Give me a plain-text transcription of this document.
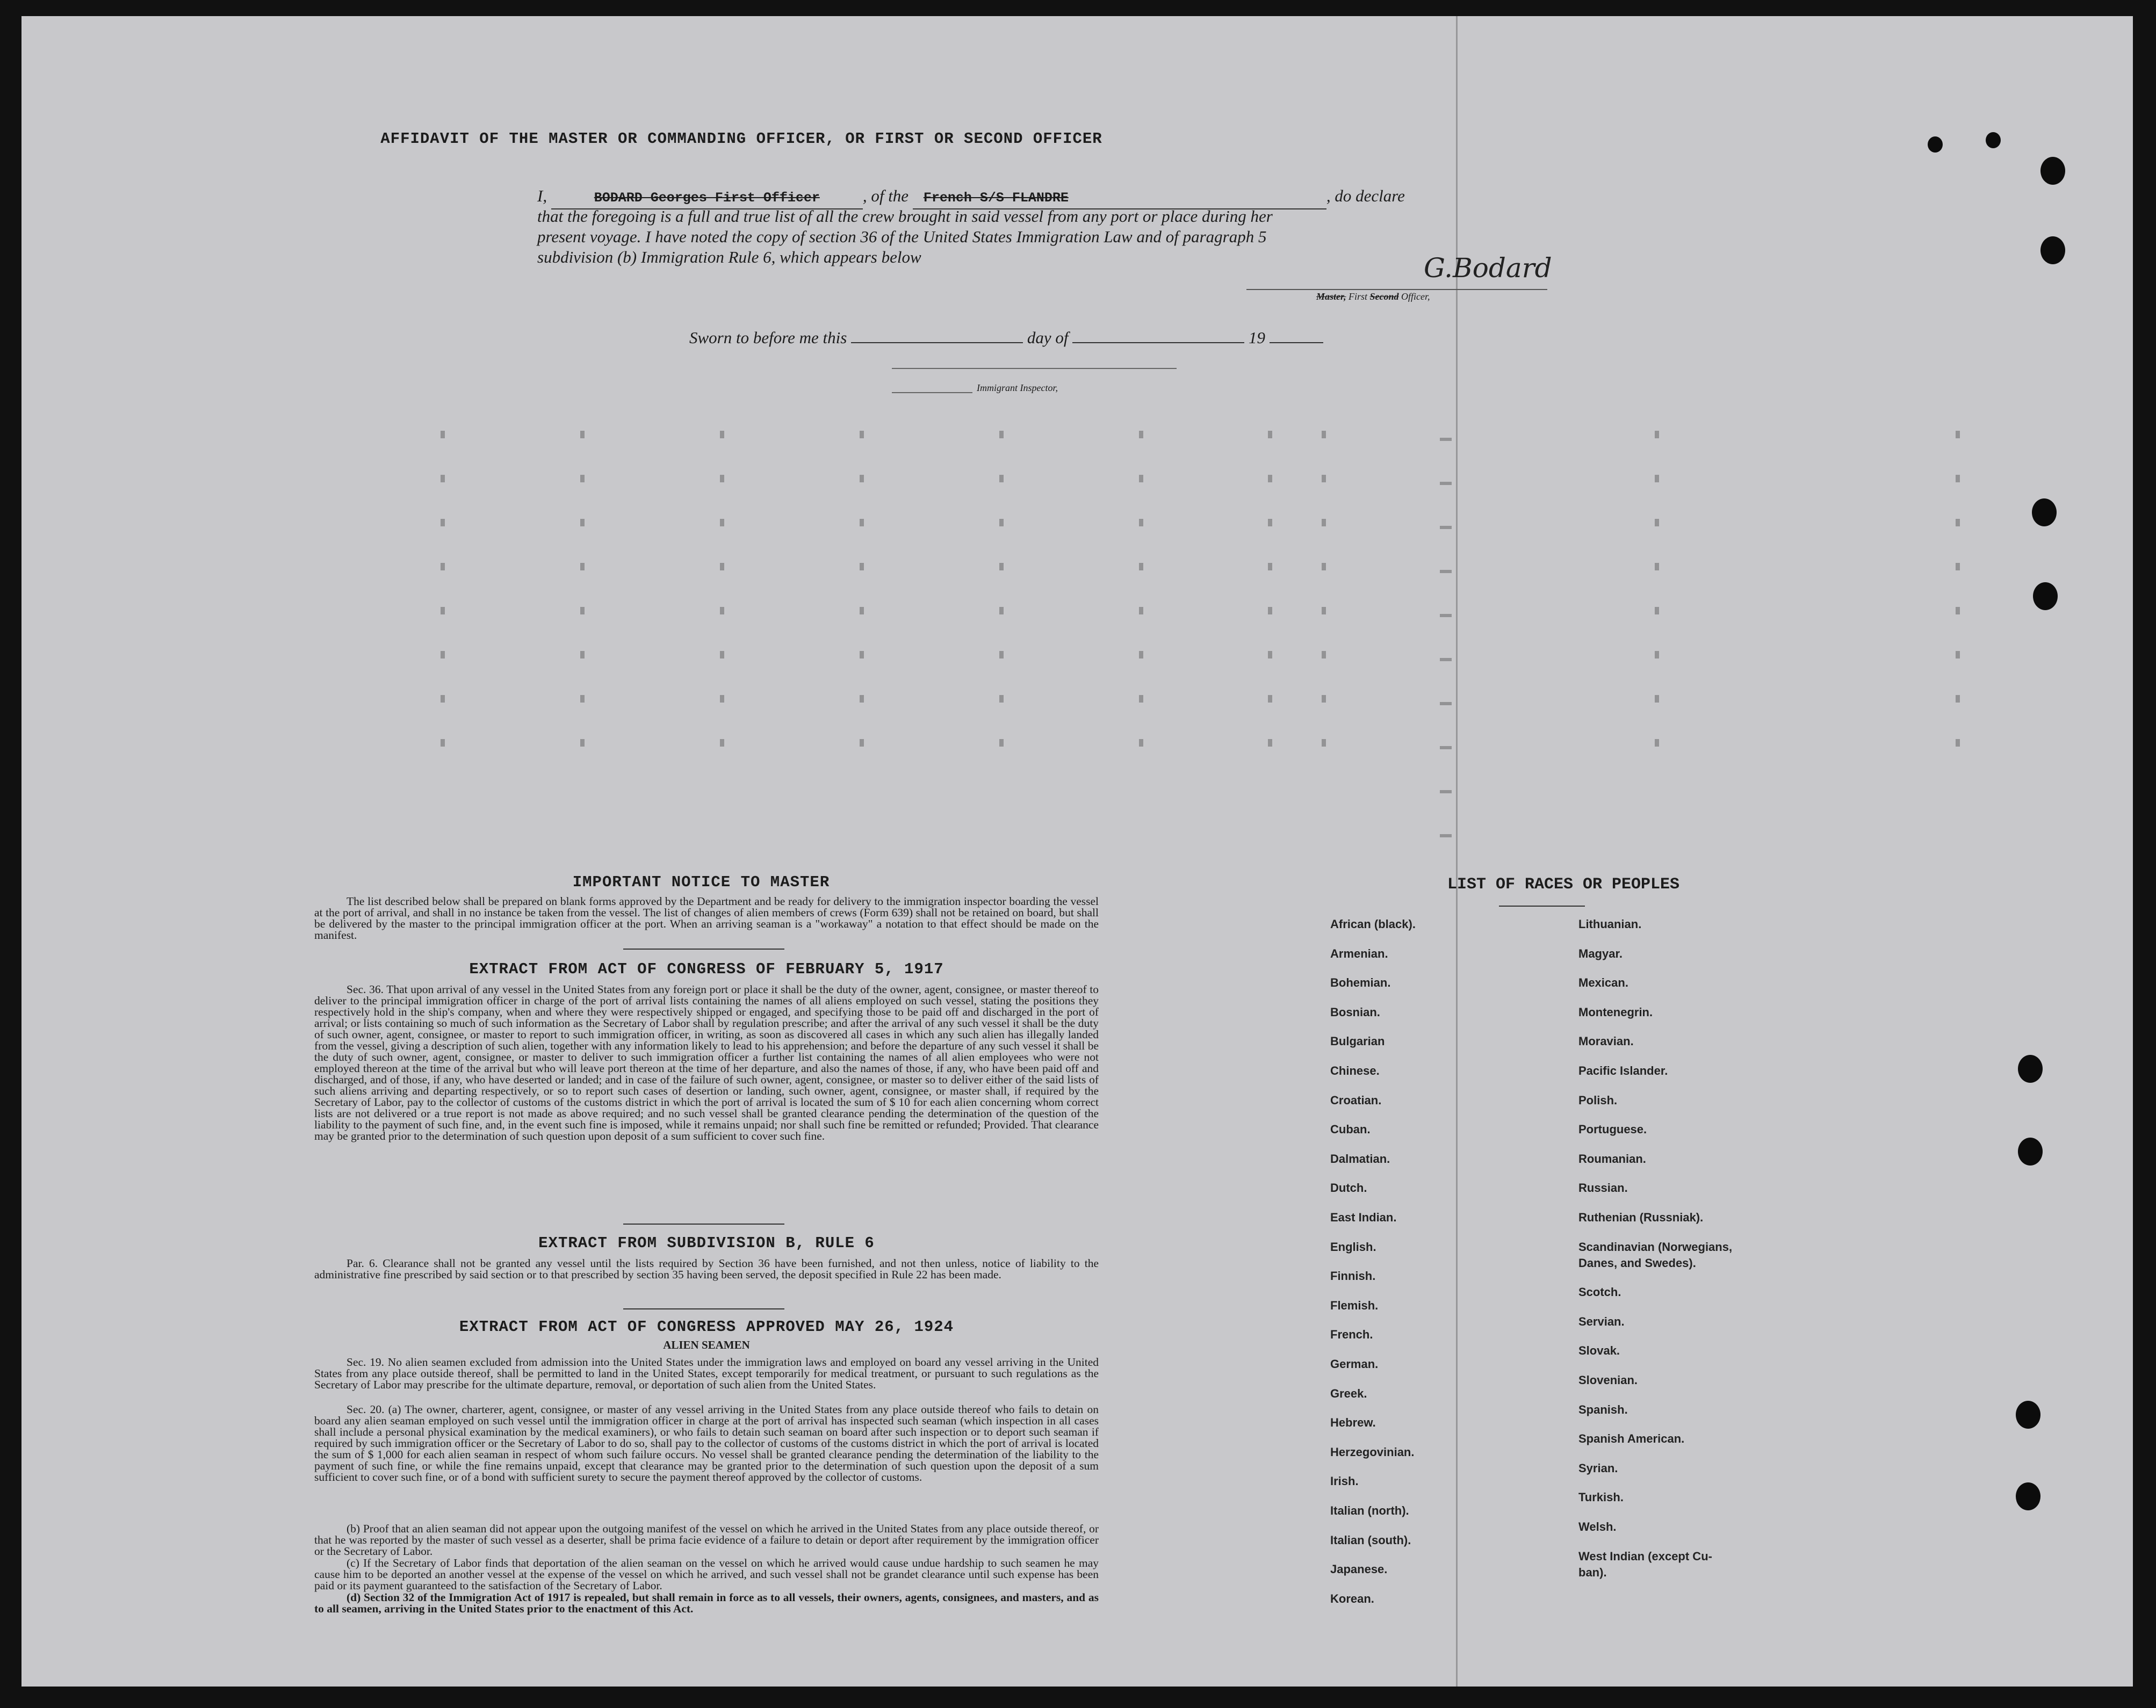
AFFIDAVIT OF THE MASTER OR COMMANDING OFFICER, OR FIRST OR SECOND OFFICER
I,	BODARD Georges First Officer	, of the French S/S FLANDRE	, do declare
that the foregoing is a full and true list of all the crew brought in said vessel from any port or place during her
present voyage. I have noted the copy of section 36 of the United States Immigration Law and of paragraph 5
subdivision (b) Immigration Rule 6, which appears below	G.Bodard
Master, First Second Officer,
Sworn to before me this	day of	19
Immigrant Inspector,
IMPORTANT NOTICE TO MASTER
The list described below shall be prepared on blank forms approved by the Department and be ready for delivery to the immigration inspector boarding the vessel at the port of arrival, and shall in no instance be taken from the vessel. The list of changes of alien members of crews (Form 639) shall not be retained on board, but shall be delivered by the master to the principal immigration officer at the port. When an arriving seaman is a "workaway" a notation to that effect should be made on the manifest.
EXTRACT FROM ACT OF CONGRESS OF FEBRUARY 5, 1917
Sec. 36. That upon arrival of any vessel in the United States from any foreign port or place it shall be the duty of the owner, agent, consignee, or master thereof to deliver to the principal immigration officer in charge of the port of arrival lists containing the names of all aliens employed on such vessel, stating the positions they respectively hold in the ship's company, when and where they were respectively shipped or engaged, and specifying those to be paid off and discharged in the port of arrival; or lists containing so much of such information as the Secretary of Labor shall by regulation prescribe; and after the arrival of any such vessel it shall be the duty of such owner, agent, consignee, or master to report to such immigration officer, in writing, as soon as discovered all cases in which any such alien has illegally landed from the vessel, giving a description of such alien, together with any information likely to lead to his apprehension; and before the departure of any such vessel it shall be the duty of such owner, agent, consignee, or master to deliver to such immigration officer a further list containing the names of all alien employees who were not employed thereon at the time of the arrival but who will leave port thereon at the time of her departure, and also the names of those, if any, who have been paid off and discharged, and of those, if any, who have deserted or landed; and in case of the failure of such owner, agent, consignee, or master so to deliver either of the said lists of such aliens arriving and departing respectively, or so to report such cases of desertion or landing, such owner, agent, consignee, or master shall, if required by the Secretary of Labor, pay to the collector of customs of the customs district in which the port of arrival is located the sum of $ 10 for each alien concerning whom correct lists are not delivered or a true report is not made as above required; and no such vessel shall be granted clearance pending the determination of the question of the liability to the payment of such fine, and, in the event such fine is imposed, while it remains unpaid; nor shall such fine be remitted or refunded; Provided. That clearance may be granted prior to the determination of such question upon deposit of a sum sufficient to cover such fine.
EXTRACT FROM SUBDIVISION B, RULE 6
Par. 6. Clearance shall not be granted any vessel until the lists required by Section 36 have been furnished, and not then unless, notice of liability to the administrative fine prescribed by said section or to that prescribed by section 35 having been served, the deposit specified in Rule 22 has been made.
EXTRACT FROM ACT OF CONGRESS APPROVED MAY 26, 1924
ALIEN SEAMEN
Sec. 19. No alien seamen excluded from admission into the United States under the immigration laws and employed on board any vessel arriving in the United States from any place outside thereof, shall be permitted to land in the United States, except temporarily for medical treatment, or pursuant to such regulations as the Secretary of Labor may prescribe for the ultimate departure, removal, or deportation of such alien from the United States.
Sec. 20. (a) The owner, charterer, agent, consignee, or master of any vessel arriving in the United States from any place outside thereof who fails to detain on board any alien seaman employed on such vessel until the immigration officer in charge at the port of arrival has inspected such seaman (which inspection in all cases shall include a personal physical examination by the medical examiners), or who fails to detain such seaman on board after such inspection or to deport such seaman if required by such immigration officer or the Secretary of Labor to do so, shall pay to the collector of customs of the customs district in which the port of arrival is located the sum of $ 1,000 for each alien seaman in respect of whom such failure occurs. No vessel shall be granted clearance pending the determination of the liability to the payment of such fine, or while the fine remains unpaid, except that clearance may be granted prior to the determination of such question upon the deposit of a sum sufficient to cover such fine, or of a bond with sufficient surety to secure the payment thereof approved by the collector of customs.
(b) Proof that an alien seaman did not appear upon the outgoing manifest of the vessel on which he arrived in the United States from any place outside thereof, or that he was reported by the master of such vessel as a deserter, shall be prima facie evidence of a failure to detain or deport after requirement by the immigration officer or the Secretary of Labor.
(c) If the Secretary of Labor finds that deportation of the alien seaman on the vessel on which he arrived would cause undue hardship to such seamen he may cause him to be deported an another vessel at the expense of the vessel on which he arrived, and such vessel shall not be grandet clearance until such expense has been paid or its payment guaranteed to the satisfaction of the Secretary of Labor.
(d) Section 32 of the Immigration Act of 1917 is repealed, but shall remain in force as to all vessels, their owners, agents, consignees, and masters, and as to all seamen, arriving in the United States prior to the enactment of this Act.
LIST OF RACES OR PEOPLES
African (black).
Armenian.
Bohemian.
Bosnian.
Bulgarian
Chinese.
Croatian.
Cuban.
Dalmatian.
Dutch.
East Indian.
English.
Finnish.
Flemish.
French.
German.
Greek.
Hebrew.
Herzegovinian.
Irish.
Italian (north).
Italian (south).
Japanese.
Korean.
Lithuanian.
Magyar.
Mexican.
Montenegrin.
Moravian.
Pacific Islander.
Polish.
Portuguese.
Roumanian.
Russian.
Ruthenian (Russniak).
Scandinavian (Norwegians,
Danes, and Swedes).
Scotch.
Servian.
Slovak.
Slovenian.
Spanish.
Spanish American.
Syrian.
Turkish.
Welsh.
West Indian (except Cu-
ban).
